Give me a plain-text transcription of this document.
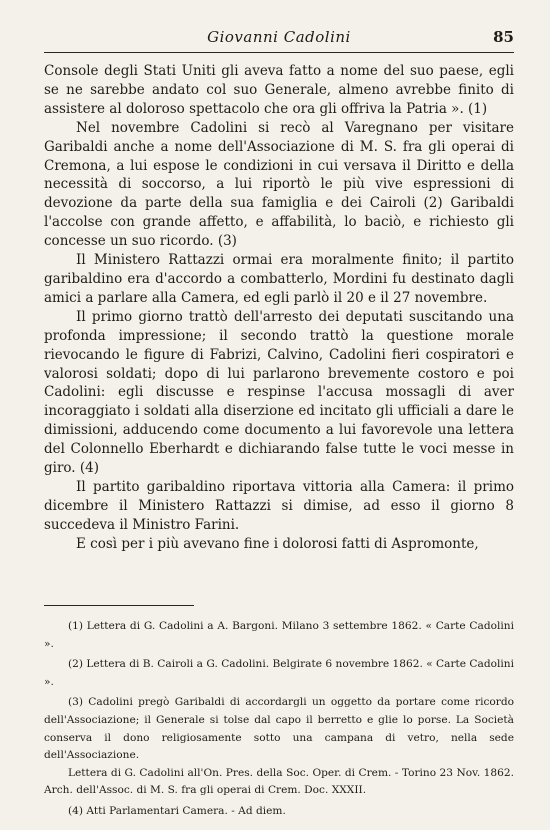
Giovanni Cadolini	85

Console degli Stati Uniti gli aveva fatto a nome del suo paese, egli se ne sarebbe andato col suo Generale, almeno avrebbe finito di assistere al doloroso spettacolo che ora gli offriva la Patria ». (1)

Nel novembre Cadolini si recò al Varegnano per visitare Garibaldi anche a nome dell'Associazione di M. S. fra gli operai di Cremona, a lui espose le condizioni in cui versava il Diritto e della necessità di soccorso, a lui riportò le più vive espressioni di devozione da parte della sua famiglia e dei Cairoli (2) Garibaldi l'accolse con grande affetto, e affabilità, lo baciò, e richiesto gli concesse un suo ricordo. (3)

Il Ministero Rattazzi ormai era moralmente finito; il partito garibaldino era d'accordo a combatterlo, Mordini fu destinato dagli amici a parlare alla Camera, ed egli parlò il 20 e il 27 novembre.

Il primo giorno trattò dell'arresto dei deputati suscitando una profonda impressione; il secondo trattò la questione morale rievocando le figure di Fabrizi, Calvino, Cadolini fieri cospiratori e valorosi soldati; dopo di lui parlarono brevemente costoro e poi Cadolini: egli discusse e respinse l'accusa mossagli di aver incoraggiato i soldati alla diserzione ed incitato gli ufficiali a dare le dimissioni, adducendo come documento a lui favorevole una lettera del Colonnello Eberhardt e dichiarando false tutte le voci messe in giro. (4)

Il partito garibaldino riportava vittoria alla Camera: il primo dicembre il Ministero Rattazzi si dimise, ad esso il giorno 8 succedeva il Ministro Farini.

E così per i più avevano fine i dolorosi fatti di Aspromonte,

(1) Lettera di G. Cadolini a A. Bargoni. Milano 3 settembre 1862. « Carte Cadolini ».

(2) Lettera di B. Cairoli a G. Cadolini. Belgirate 6 novembre 1862. « Carte Cadolini ».

(3) Cadolini pregò Garibaldi di accordargli un oggetto da portare come ricordo dell'Associazione; il Generale si tolse dal capo il berretto e glie lo porse. La Società conserva il dono religiosamente sotto una campana di vetro, nella sede dell'Associazione.

Lettera di G. Cadolini all'On. Pres. della Soc. Oper. di Crem. - Torino 23 Nov. 1862. Arch. dell'Assoc. di M. S. fra gli operai di Crem. Doc. XXXII.

(4) Atti Parlamentari Camera. - Ad diem.
